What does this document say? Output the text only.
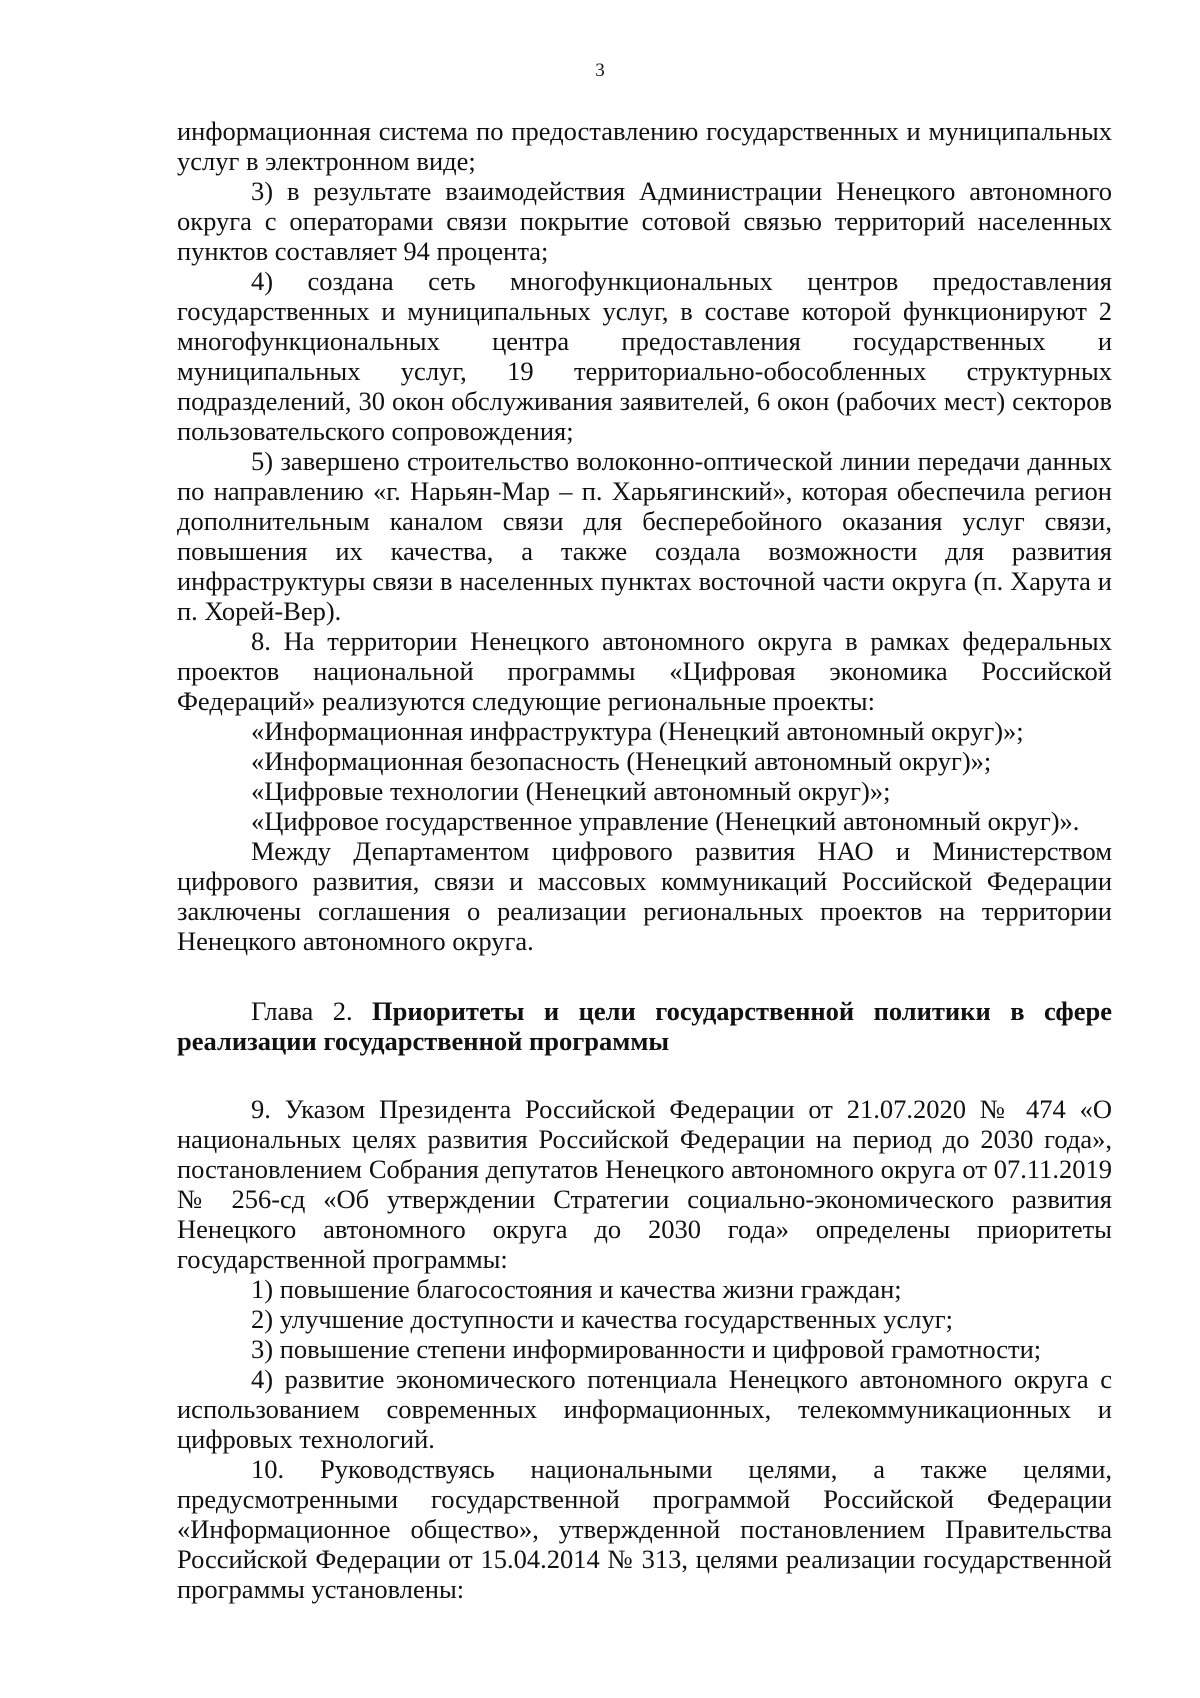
3

информационная система по предоставлению государственных и муниципальных услуг в электронном виде;

3) в результате взаимодействия Администрации Ненецкого автономного округа с операторами связи покрытие сотовой связью территорий населенных пунктов составляет 94 процента;

4) создана сеть многофункциональных центров предоставления государственных и муниципальных услуг, в составе которой функционируют 2 многофункциональных центра предоставления государственных и муниципальных услуг, 19 территориально-обособленных структурных подразделений, 30 окон обслуживания заявителей, 6 окон (рабочих мест) секторов пользовательского сопровождения;

5) завершено строительство волоконно-оптической линии передачи данных по направлению «г. Нарьян-Мар – п. Харьягинский», которая обеспечила регион дополнительным каналом связи для бесперебойного оказания услуг связи, повышения их качества, а также создала возможности для развития инфраструктуры связи в населенных пунктах восточной части округа (п. Харута и п. Хорей-Вер).

8. На территории Ненецкого автономного округа в рамках федеральных проектов национальной программы «Цифровая экономика Российской Федераций» реализуются следующие региональные проекты:

«Информационная инфраструктура (Ненецкий автономный округ)»;

«Информационная безопасность (Ненецкий автономный округ)»;

«Цифровые технологии (Ненецкий автономный округ)»;

«Цифровое государственное управление (Ненецкий автономный округ)».

Между Департаментом цифрового развития НАО и Министерством цифрового развития, связи и массовых коммуникаций Российской Федерации заключены соглашения о реализации региональных проектов на территории Ненецкого автономного округа.

Глава 2. Приоритеты и цели государственной политики в сфере реализации государственной программы

9. Указом Президента Российской Федерации от 21.07.2020 № 474 «О национальных целях развития Российской Федерации на период до 2030 года», постановлением Собрания депутатов Ненецкого автономного округа от 07.11.2019 № 256-сд «Об утверждении Стратегии социально-экономического развития Ненецкого автономного округа до 2030 года» определены приоритеты государственной программы:

1) повышение благосостояния и качества жизни граждан;

2) улучшение доступности и качества государственных услуг;

3) повышение степени информированности и цифровой грамотности;

4) развитие экономического потенциала Ненецкого автономного округа с использованием современных информационных, телекоммуникационных и цифровых технологий.

10. Руководствуясь национальными целями, а также целями, предусмотренными государственной программой Российской Федерации «Информационное общество», утвержденной постановлением Правительства Российской Федерации от 15.04.2014 № 313, целями реализации государственной программы установлены:
